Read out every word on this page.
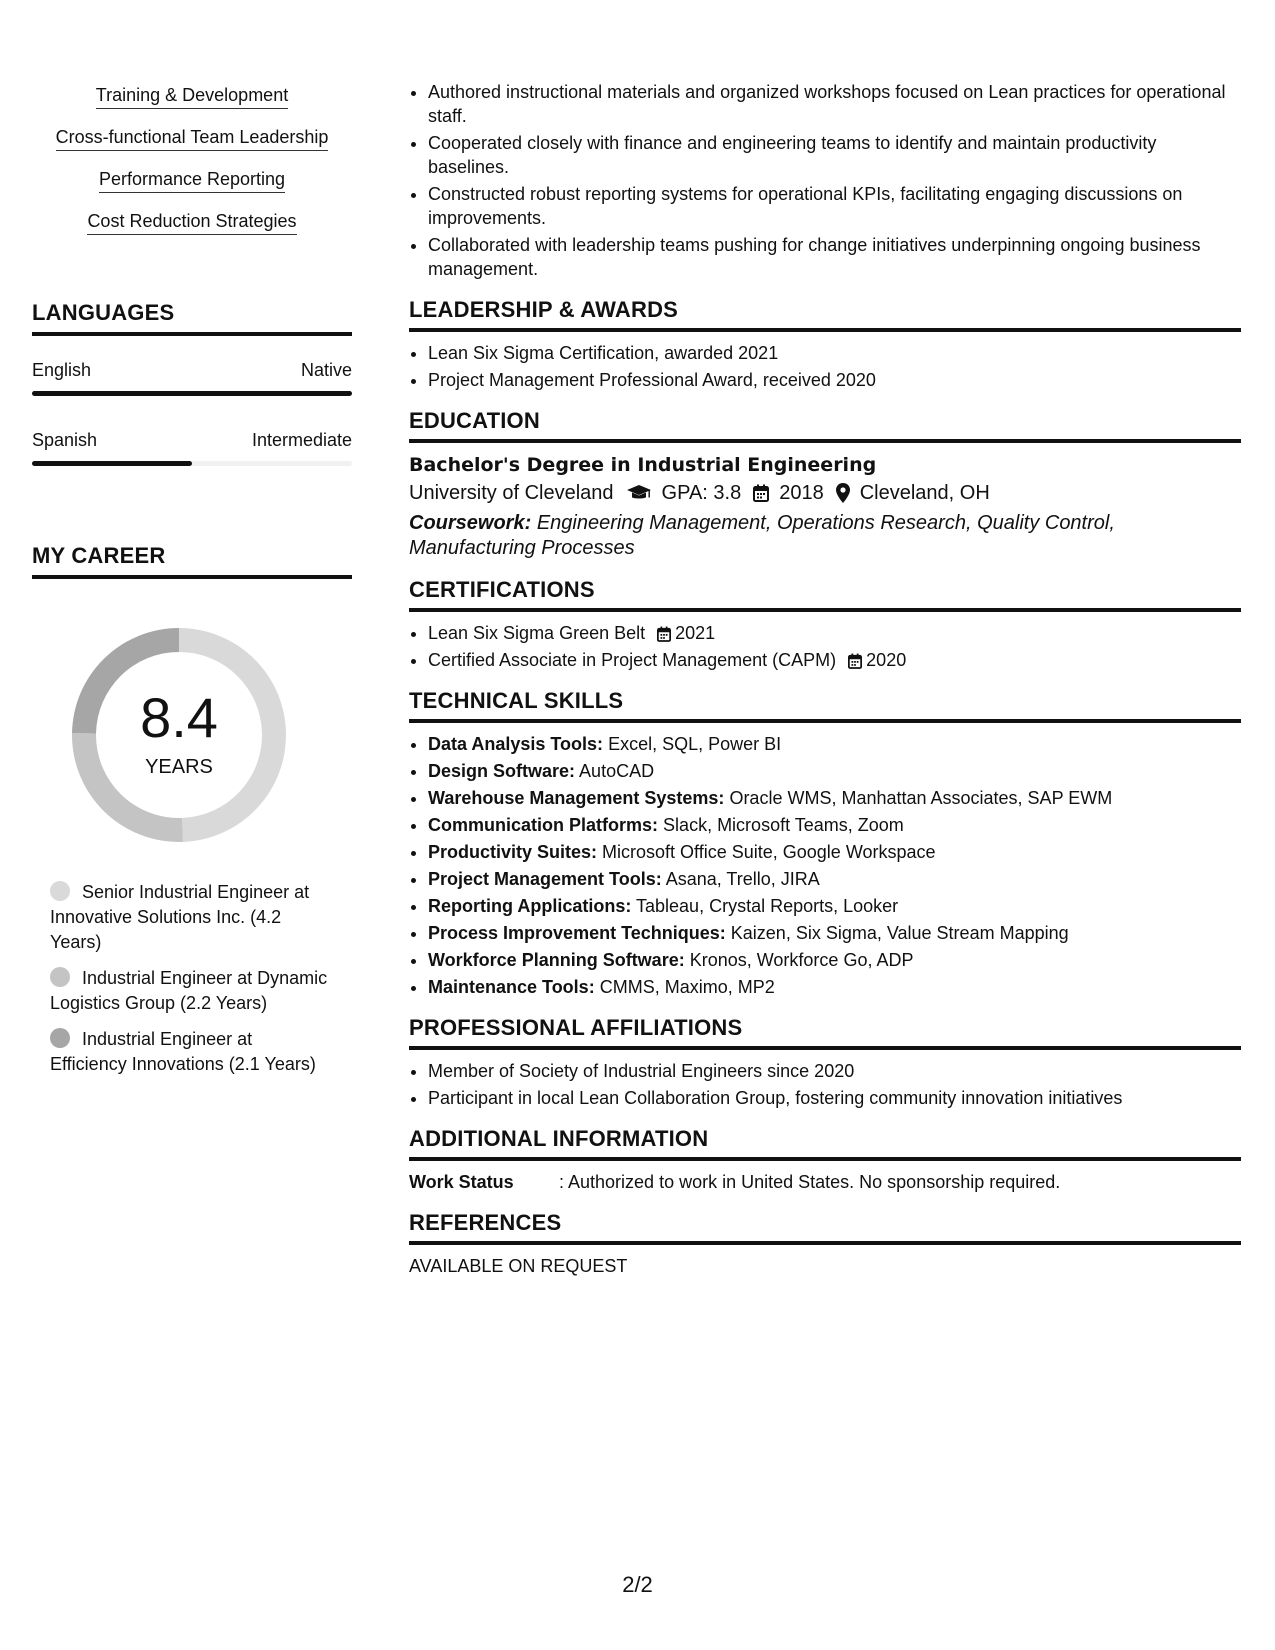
Training & Development
Cross-functional Team Leadership
Performance Reporting
Cost Reduction Strategies
LANGUAGES
English	Native
Spanish	Intermediate
MY CAREER
8.4
YEARS
Senior Industrial Engineer at Innovative Solutions Inc. (4.2 Years)
Industrial Engineer at Dynamic Logistics Group (2.2 Years)
Industrial Engineer at Efficiency Innovations (2.1 Years)
• Authored instructional materials and organized workshops focused on Lean practices for operational staff.
• Cooperated closely with finance and engineering teams to identify and maintain productivity baselines.
• Constructed robust reporting systems for operational KPIs, facilitating engaging discussions on improvements.
• Collaborated with leadership teams pushing for change initiatives underpinning ongoing business management.
LEADERSHIP & AWARDS
• Lean Six Sigma Certification, awarded 2021
• Project Management Professional Award, received 2020
EDUCATION
Bachelor's Degree in Industrial Engineering
University of Cleveland GPA: 3.8 2018 Cleveland, OH
Coursework: Engineering Management, Operations Research, Quality Control, Manufacturing Processes
CERTIFICATIONS
• Lean Six Sigma Green Belt 2021
• Certified Associate in Project Management (CAPM) 2020
TECHNICAL SKILLS
• Data Analysis Tools: Excel, SQL, Power BI
• Design Software: AutoCAD
• Warehouse Management Systems: Oracle WMS, Manhattan Associates, SAP EWM
• Communication Platforms: Slack, Microsoft Teams, Zoom
• Productivity Suites: Microsoft Office Suite, Google Workspace
• Project Management Tools: Asana, Trello, JIRA
• Reporting Applications: Tableau, Crystal Reports, Looker
• Process Improvement Techniques: Kaizen, Six Sigma, Value Stream Mapping
• Workforce Planning Software: Kronos, Workforce Go, ADP
• Maintenance Tools: CMMS, Maximo, MP2
PROFESSIONAL AFFILIATIONS
• Member of Society of Industrial Engineers since 2020
• Participant in local Lean Collaboration Group, fostering community innovation initiatives
ADDITIONAL INFORMATION
Work Status	: Authorized to work in United States. No sponsorship required.
REFERENCES
AVAILABLE ON REQUEST
2/2
